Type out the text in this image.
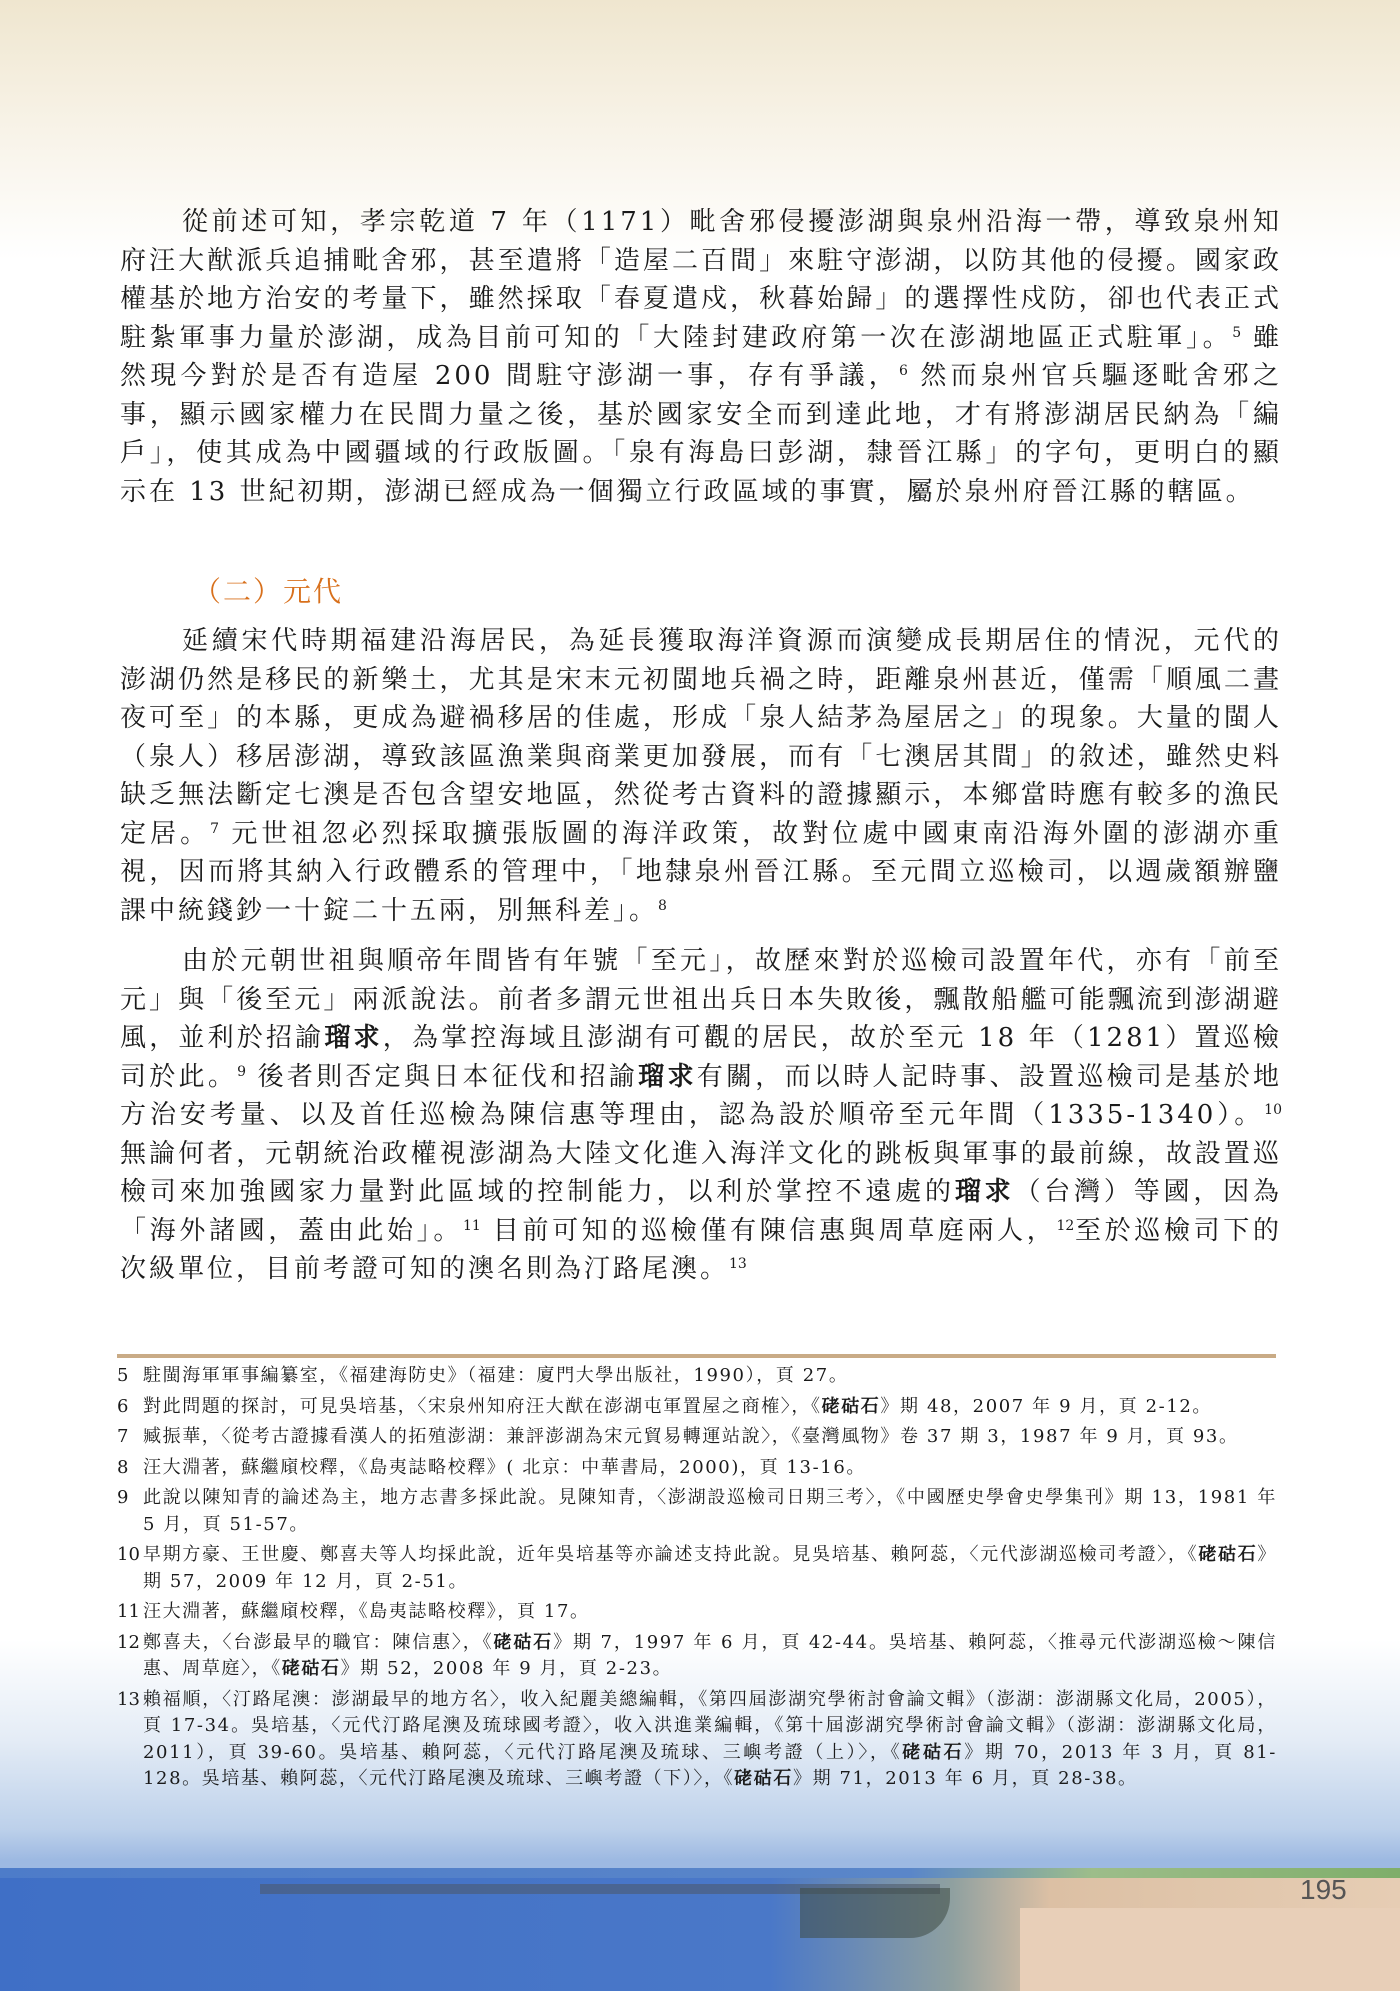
從前述可知，孝宗乾道 7 年（1171）毗舍邪侵擾澎湖與泉州沿海一帶，導致泉州知府汪大猷派兵追捕毗舍邪，甚至遣將「造屋二百間」來駐守澎湖，以防其他的侵擾。國家政權基於地方治安的考量下，雖然採取「春夏遣戍，秋暮始歸」的選擇性戍防，卻也代表正式駐紮軍事力量於澎湖，成為目前可知的「大陸封建政府第一次在澎湖地區正式駐軍」。$^5$ 雖然現今對於是否有造屋 200 間駐守澎湖一事，存有爭議，$^6$ 然而泉州官兵驅逐毗舍邪之事，顯示國家權力在民間力量之後，基於國家安全而到達此地，才有將澎湖居民納為「編戶」，使其成為中國疆域的行政版圖。「泉有海島曰彭湖，隸晉江縣」的字句，更明白的顯示在 13 世紀初期，澎湖已經成為一個獨立行政區域的事實，屬於泉州府晉江縣的轄區。

（二）元代

延續宋代時期福建沿海居民，為延長獲取海洋資源而演變成長期居住的情況，元代的澎湖仍然是移民的新樂土，尤其是宋末元初閩地兵禍之時，距離泉州甚近，僅需「順風二晝夜可至」的本縣，更成為避禍移居的佳處，形成「泉人結茅為屋居之」的現象。大量的閩人（泉人）移居澎湖，導致該區漁業與商業更加發展，而有「七澳居其間」的敘述，雖然史料缺乏無法斷定七澳是否包含望安地區，然從考古資料的證據顯示，本鄉當時應有較多的漁民定居。$^7$ 元世祖忽必烈採取擴張版圖的海洋政策，故對位處中國東南沿海外圍的澎湖亦重視，因而將其納入行政體系的管理中，「地隸泉州晉江縣。至元間立巡檢司，以週歲額辦鹽課中統錢鈔一十錠二十五兩，別無科差」。$^8$

由於元朝世祖與順帝年間皆有年號「至元」，故歷來對於巡檢司設置年代，亦有「前至元」與「後至元」兩派說法。前者多謂元世祖出兵日本失敗後，飄散船艦可能飄流到澎湖避風，並利於招諭瑠求，為掌控海域且澎湖有可觀的居民，故於至元 18 年（1281）置巡檢司於此。$^9$ 後者則否定與日本征伐和招諭瑠求有關，而以時人記時事、設置巡檢司是基於地方治安考量、以及首任巡檢為陳信惠等理由，認為設於順帝至元年間（1335-1340）。$^{10}$ 無論何者，元朝統治政權視澎湖為大陸文化進入海洋文化的跳板與軍事的最前線，故設置巡檢司來加強國家力量對此區域的控制能力，以利於掌控不遠處的瑠求（台灣）等國，因為「海外諸國，蓋由此始」。$^{11}$ 目前可知的巡檢僅有陳信惠與周草庭兩人，$^{12}$至於巡檢司下的次級單位，目前考證可知的澳名則為汀路尾澳。$^{13}$

5 駐閩海軍軍事編纂室，《福建海防史》（福建：廈門大學出版社，1990），頁 27。
6 對此問題的探討，可見吳培基，〈宋泉州知府汪大猷在澎湖屯軍置屋之商榷〉，《硓𥑮石》期 48，2007 年 9 月，頁 2-12。
7 臧振華，〈從考古證據看漢人的拓殖澎湖：兼評澎湖為宋元貿易轉運站說〉，《臺灣風物》卷 37 期 3，1987 年 9 月，頁 93。
8 汪大淵著，蘇繼廎校釋，《島夷誌略校釋》( 北京：中華書局，2000)，頁 13-16。
9 此說以陳知青的論述為主，地方志書多採此說。見陳知青，〈澎湖設巡檢司日期三考〉，《中國歷史學會史學集刊》期 13，1981 年 5 月，頁 51-57。
10 早期方豪、王世慶、鄭喜夫等人均採此說，近年吳培基等亦論述支持此說。見吳培基、賴阿蕊，〈元代澎湖巡檢司考證〉，《硓𥑮石》期 57，2009 年 12 月，頁 2-51。
11 汪大淵著，蘇繼廎校釋，《島夷誌略校釋》，頁 17。
12 鄭喜夫，〈台澎最早的職官：陳信惠〉，《硓𥑮石》期 7，1997 年 6 月，頁 42-44。吳培基、賴阿蕊，〈推尋元代澎湖巡檢～陳信惠、周草庭〉，《硓𥑮石》期 52，2008 年 9 月，頁 2-23。
13 賴福順，〈汀路尾澳：澎湖最早的地方名〉，收入紀麗美總編輯，《第四屆澎湖究學術討會論文輯》（澎湖：澎湖縣文化局，2005），頁 17-34。吳培基，〈元代汀路尾澳及琉球國考證〉，收入洪進業編輯，《第十屆澎湖究學術討會論文輯》（澎湖：澎湖縣文化局，2011），頁 39-60。吳培基、賴阿蕊，〈元代汀路尾澳及琉球、三嶼考證（上）〉，《硓𥑮石》期 70，2013 年 3 月，頁 81-128。吳培基、賴阿蕊，〈元代汀路尾澳及琉球、三嶼考證（下）〉，《硓𥑮石》期 71，2013 年 6 月，頁 28-38。
195
